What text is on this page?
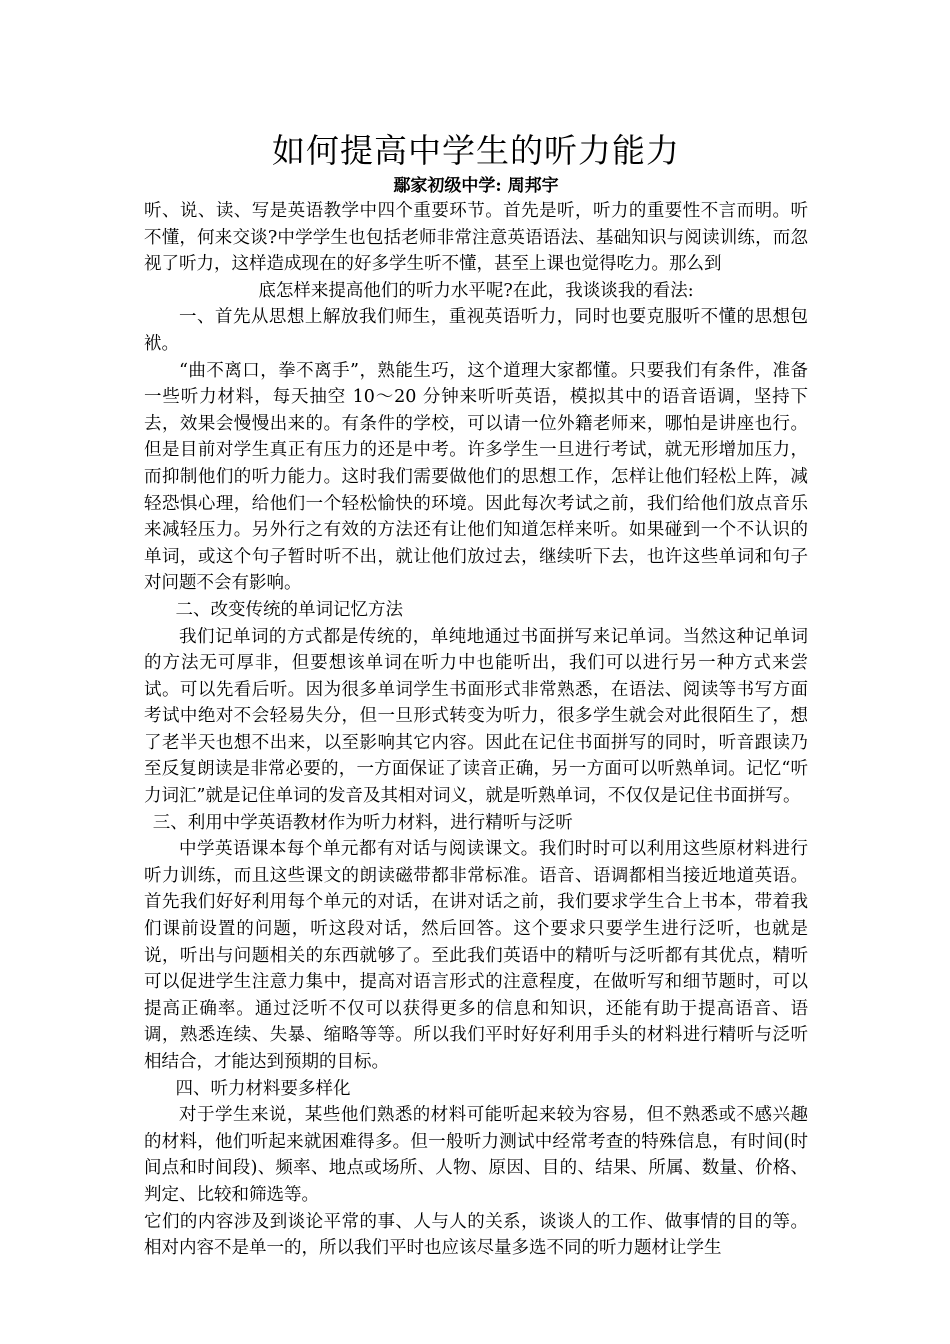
如何提高中学生的听力能力

鄢家初级中学: 周邦宇

听、说、读、写是英语教学中四个重要环节。首先是听，听力的重要性不言而明。听不懂，何来交谈?中学学生也包括老师非常注意英语语法、基础知识与阅读训练，而忽视了听力，这样造成现在的好多学生听不懂，甚至上课也觉得吃力。那么到

底怎样来提高他们的听力水平呢?在此，我谈谈我的看法:

一、首先从思想上解放我们师生，重视英语听力，同时也要克服听不懂的思想包袱。

“曲不离口，拳不离手”，熟能生巧，这个道理大家都懂。只要我们有条件，准备一些听力材料，每天抽空 10～20 分钟来听听英语，模拟其中的语音语调，坚持下去，效果会慢慢出来的。有条件的学校，可以请一位外籍老师来，哪怕是讲座也行。但是目前对学生真正有压力的还是中考。许多学生一旦进行考试，就无形增加压力，而抑制他们的听力能力。这时我们需要做他们的思想工作，怎样让他们轻松上阵，减轻恐惧心理，给他们一个轻松愉快的环境。因此每次考试之前，我们给他们放点音乐来减轻压力。另外行之有效的方法还有让他们知道怎样来听。如果碰到一个不认识的单词，或这个句子暂时听不出，就让他们放过去，继续听下去，也许这些单词和句子对问题不会有影响。

二、改变传统的单词记忆方法

我们记单词的方式都是传统的，单纯地通过书面拼写来记单词。当然这种记单词的方法无可厚非，但要想该单词在听力中也能听出，我们可以进行另一种方式来尝试。可以先看后听。因为很多单词学生书面形式非常熟悉，在语法、阅读等书写方面考试中绝对不会轻易失分，但一旦形式转变为听力，很多学生就会对此很陌生了，想了老半天也想不出来，以至影响其它内容。因此在记住书面拼写的同时，听音跟读乃至反复朗读是非常必要的，一方面保证了读音正确，另一方面可以听熟单词。记忆“听力词汇”就是记住单词的发音及其相对词义，就是听熟单词，不仅仅是记住书面拼写。

三、利用中学英语教材作为听力材料，进行精听与泛听

中学英语课本每个单元都有对话与阅读课文。我们时时可以利用这些原材料进行听力训练，而且这些课文的朗读磁带都非常标准。语音、语调都相当接近地道英语。首先我们好好利用每个单元的对话，在讲对话之前，我们要求学生合上书本，带着我们课前设置的问题，听这段对话，然后回答。这个要求只要学生进行泛听，也就是说，听出与问题相关的东西就够了。至此我们英语中的精听与泛听都有其优点，精听可以促进学生注意力集中，提高对语言形式的注意程度，在做听写和细节题时，可以提高正确率。通过泛听不仅可以获得更多的信息和知识，还能有助于提高语音、语调，熟悉连续、失暴、缩略等等。所以我们平时好好利用手头的材料进行精听与泛听相结合，才能达到预期的目标。

四、听力材料要多样化

对于学生来说，某些他们熟悉的材料可能听起来较为容易，但不熟悉或不感兴趣的材料，他们听起来就困难得多。但一般听力测试中经常考查的特殊信息，有时间(时间点和时间段)、频率、地点或场所、人物、原因、目的、结果、所属、数量、价格、判定、比较和筛选等。

它们的内容涉及到谈论平常的事、人与人的关系，谈谈人的工作、做事情的目的等。相对内容不是单一的，所以我们平时也应该尽量多选不同的听力题材让学生
